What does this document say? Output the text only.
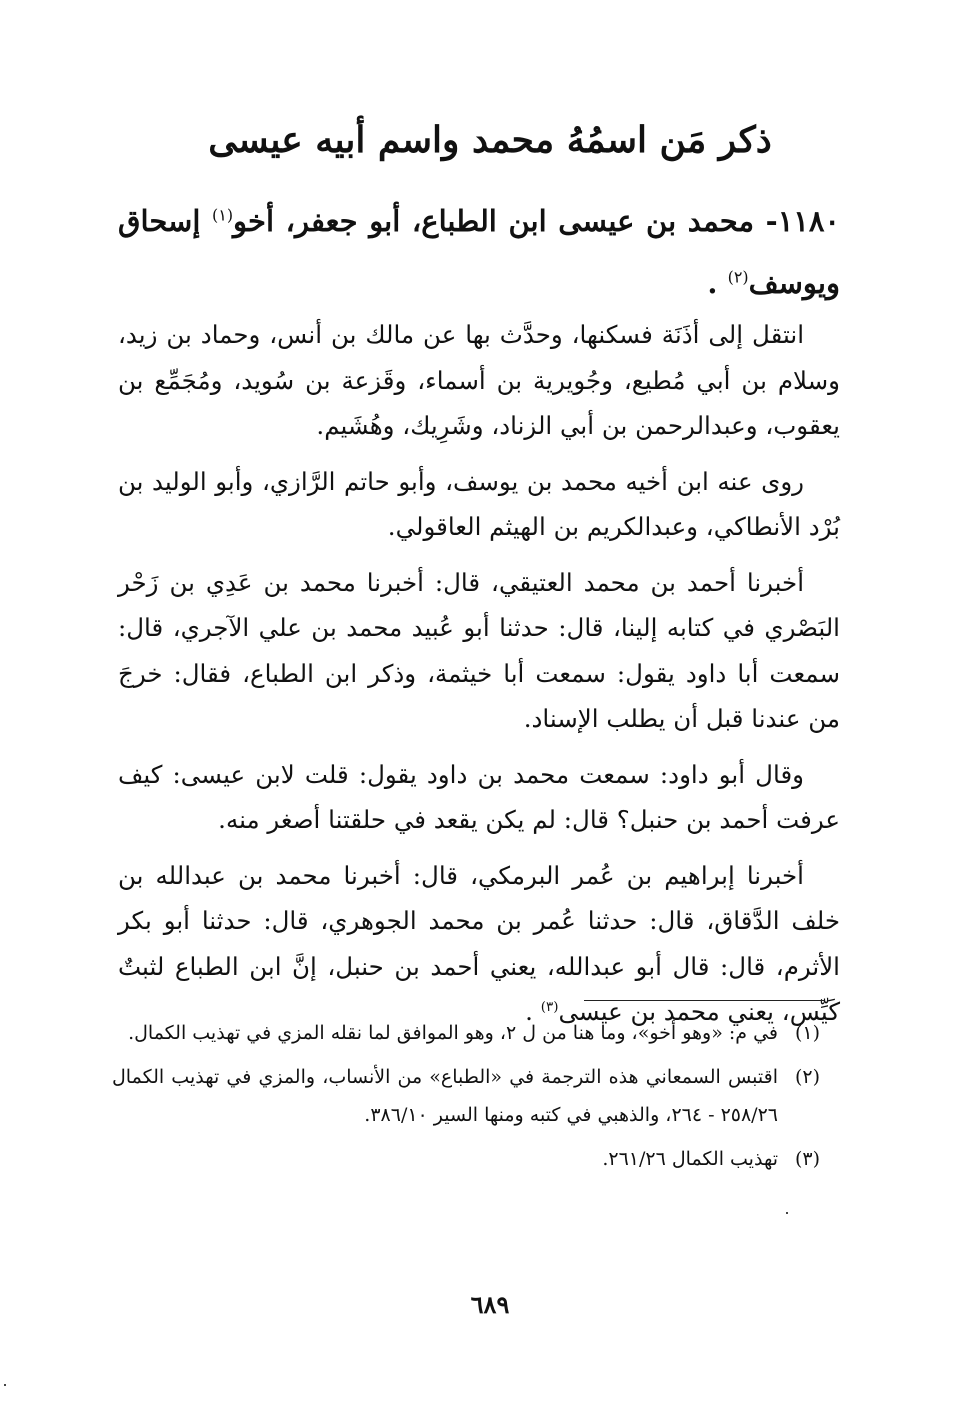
ذكر مَن اسمُهُ محمد واسم أبيه عيسى

١١٨٠- محمد بن عيسى ابن الطباع، أبو جعفر، أخو$^{(١)}$ إسحاق ويوسف$^{(٢)}$ .

انتقل إلى أذَنَة فسكنها، وحدَّث بها عن مالك بن أنس، وحماد بن زيد، وسلام بن أبي مُطيع، وجُويرية بن أسماء، وقَزعة بن سُويد، ومُجَمِّع بن يعقوب، وعبدالرحمن بن أبي الزناد، وشَرِيك، وهُشَيم.

روى عنه ابن أخيه محمد بن يوسف، وأبو حاتم الرَّازي، وأبو الوليد بن بُرْد الأنطاكي، وعبدالكريم بن الهيثم العاقولي.

أخبرنا أحمد بن محمد العتيقي، قال: أخبرنا محمد بن عَدِي بن زَحْر البَصْري في كتابه إلينا، قال: حدثنا أبو عُبيد محمد بن علي الآجري، قال: سمعت أبا داود يقول: سمعت أبا خيثمة، وذكر ابن الطباع، فقال: خرجَ من عندنا قبل أن يطلب الإسناد.

وقال أبو داود: سمعت محمد بن داود يقول: قلت لابن عيسى: كيف عرفت أحمد بن حنبل؟ قال: لم يكن يقعد في حلقتنا أصغر منه.

أخبرنا إبراهيم بن عُمر البرمكي، قال: أخبرنا محمد بن عبدالله بن خلف الدَّقاق، قال: حدثنا عُمر بن محمد الجوهري، قال: حدثنا أبو بكر الأثرم، قال: قال أبو عبدالله، يعني أحمد بن حنبل، إنَّ ابن الطباع لثبتٌ كَيِّس، يعني محمد بن عيسى$^{(٣)}$ .

(١)
في م: «وهو أخو»، وما هنا من ل ٢، وهو الموافق لما نقله المزي في تهذيب الكمال.
(٢)
اقتبس السمعاني هذه الترجمة في «الطباع» من الأنساب، والمزي في تهذيب الكمال ٢٥٨/٢٦ - ٢٦٤، والذهبي في كتبه ومنها السير ٣٨٦/١٠.
(٣)
تهذيب الكمال ٢٦١/٢٦.
٦٨٩
